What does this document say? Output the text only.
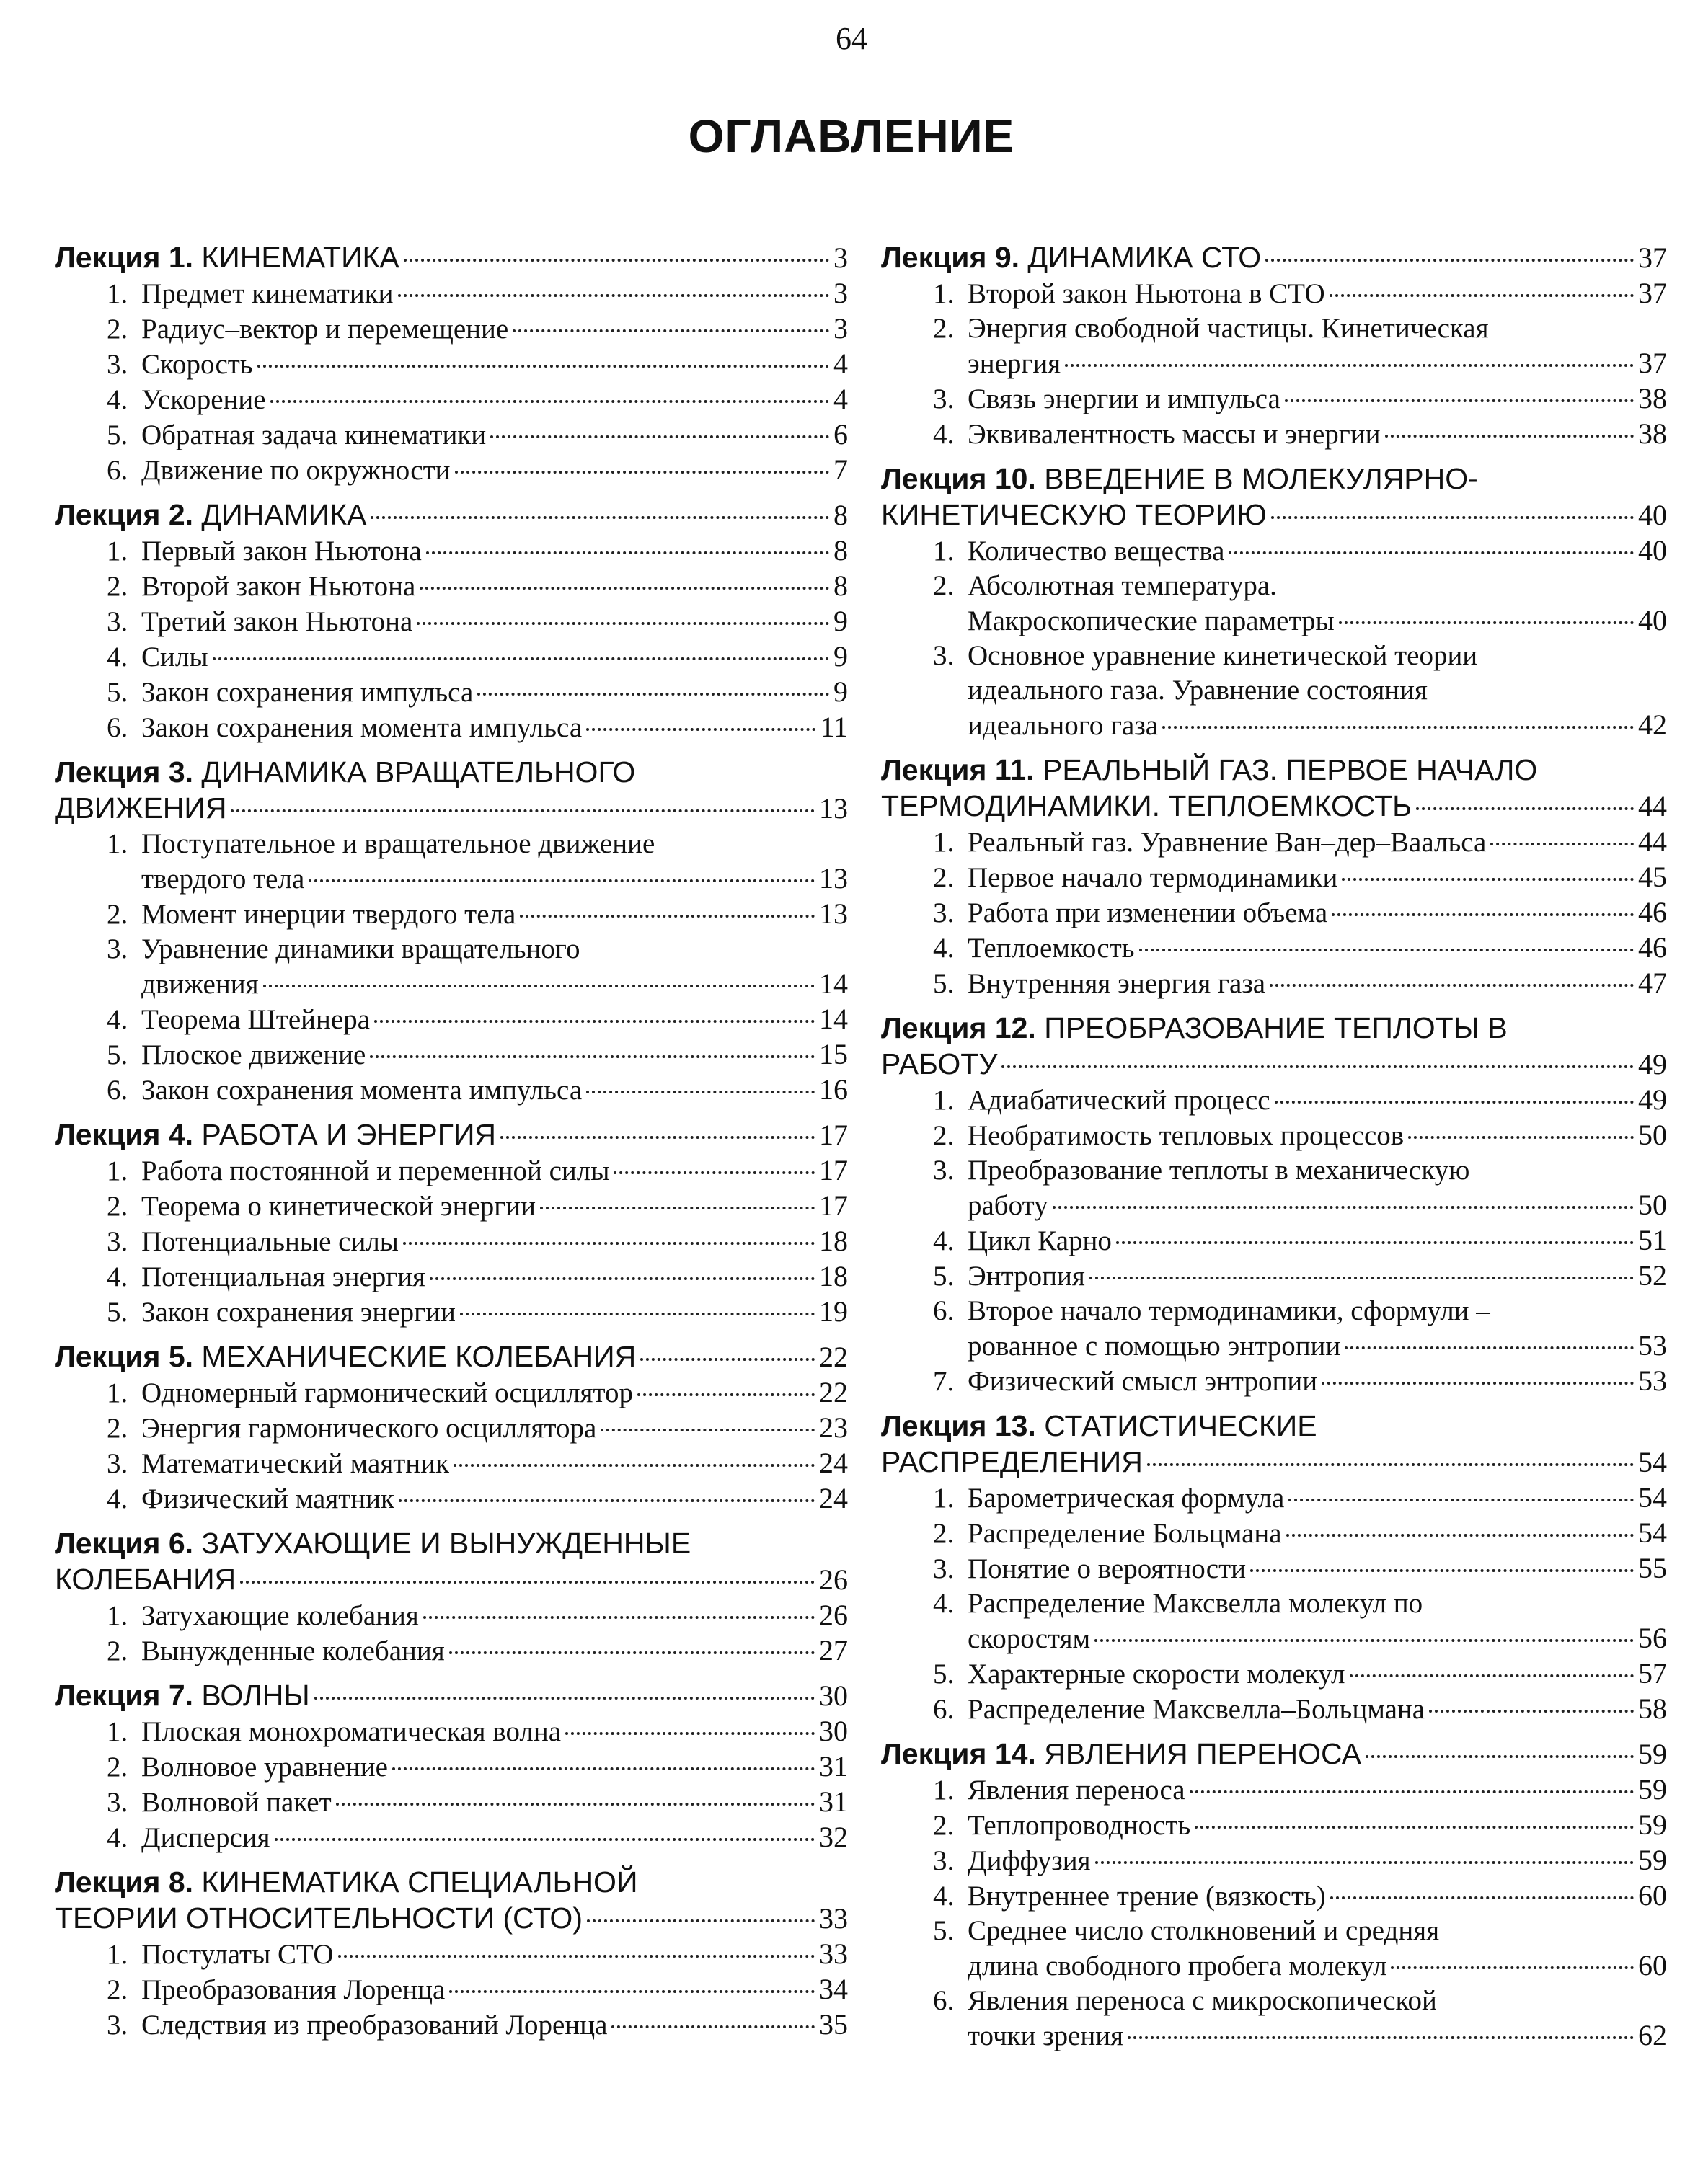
64
ОГЛАВЛЕНИЕ
Лекция 1. КИНЕМАТИКА	3
1. Предмет кинематики	3
2. Радиус–вектор и перемещение	3
3. Скорость	4
4. Ускорение	4
5. Обратная задача кинематики	6
6. Движение по окружности	7
Лекция 2. ДИНАМИКА	8
1. Первый закон Ньютона	8
2. Второй закон Ньютона	8
3. Третий закон Ньютона	9
4. Силы	9
5. Закон сохранения импульса	9
6. Закон сохранения момента импульса	11
Лекция 3. ДИНАМИКА ВРАЩАТЕЛЬНОГО
ДВИЖЕНИЯ	13
1. Поступательное и вращательное движение
твердого тела	13
2. Момент инерции твердого тела	13
3. Уравнение динамики вращательного
движения	14
4. Теорема Штейнера	14
5. Плоское движение	15
6. Закон сохранения момента импульса	16
Лекция 4. РАБОТА И ЭНЕРГИЯ	17
1. Работа постоянной и переменной силы	17
2. Теорема о кинетической энергии	17
3. Потенциальные силы	18
4. Потенциальная энергия	18
5. Закон сохранения энергии	19
Лекция 5. МЕХАНИЧЕСКИЕ КОЛЕБАНИЯ	22
1. Одномерный гармонический осциллятор	22
2. Энергия гармонического осциллятора	23
3. Математический маятник	24
4. Физический маятник	24
Лекция 6. ЗАТУХАЮЩИЕ И ВЫНУЖДЕННЫЕ
КОЛЕБАНИЯ	26
1. Затухающие колебания	26
2. Вынужденные колебания	27
Лекция 7. ВОЛНЫ	30
1. Плоская монохроматическая волна	30
2. Волновое уравнение	31
3. Волновой пакет	31
4. Дисперсия	32
Лекция 8. КИНЕМАТИКА СПЕЦИАЛЬНОЙ
ТЕОРИИ ОТНОСИТЕЛЬНОСТИ (СТО)	33
1. Постулаты СТО	33
2. Преобразования Лоренца	34
3. Следствия из преобразований Лоренца	35
Лекция 9. ДИНАМИКА СТО	37
1. Второй закон Ньютона в СТО	37
2. Энергия свободной частицы. Кинетическая
энергия	37
3. Связь энергии и импульса	38
4. Эквивалентность массы и энергии	38
Лекция 10. ВВЕДЕНИЕ В МОЛЕКУЛЯРНО-
КИНЕТИЧЕСКУЮ ТЕОРИЮ	40
1. Количество вещества	40
2. Абсолютная температура.
Макроскопические параметры	40
3. Основное уравнение кинетической теории
идеального газа. Уравнение состояния
идеального газа	42
Лекция 11. РЕАЛЬНЫЙ ГАЗ. ПЕРВОЕ НАЧАЛО
ТЕРМОДИНАМИКИ. ТЕПЛОЕМКОСТЬ	44
1. Реальный газ. Уравнение Ван–дер–Ваальса	44
2. Первое начало термодинамики	45
3. Работа при изменении объема	46
4. Теплоемкость	46
5. Внутренняя энергия газа	47
Лекция 12. ПРЕОБРАЗОВАНИЕ ТЕПЛОТЫ В
РАБОТУ	49
1. Адиабатический процесс	49
2. Необратимость тепловых процессов	50
3. Преобразование теплоты в механическую
работу	50
4. Цикл Карно	51
5. Энтропия	52
6. Второе начало термодинамики, сформули –
рованное с помощью энтропии	53
7. Физический смысл энтропии	53
Лекция 13. СТАТИСТИЧЕСКИЕ
РАСПРЕДЕЛЕНИЯ	54
1. Барометрическая формула	54
2. Распределение Больцмана	54
3. Понятие о вероятности	55
4. Распределение Максвелла молекул по
скоростям	56
5. Характерные скорости молекул	57
6. Распределение Максвелла–Больцмана	58
Лекция 14. ЯВЛЕНИЯ ПЕРЕНОСА	59
1. Явления переноса	59
2. Теплопроводность	59
3. Диффузия	59
4. Внутреннее трение (вязкость)	60
5. Среднее число столкновений и средняя
длина свободного пробега молекул	60
6. Явления переноса с микроскопической
точки зрения	62
